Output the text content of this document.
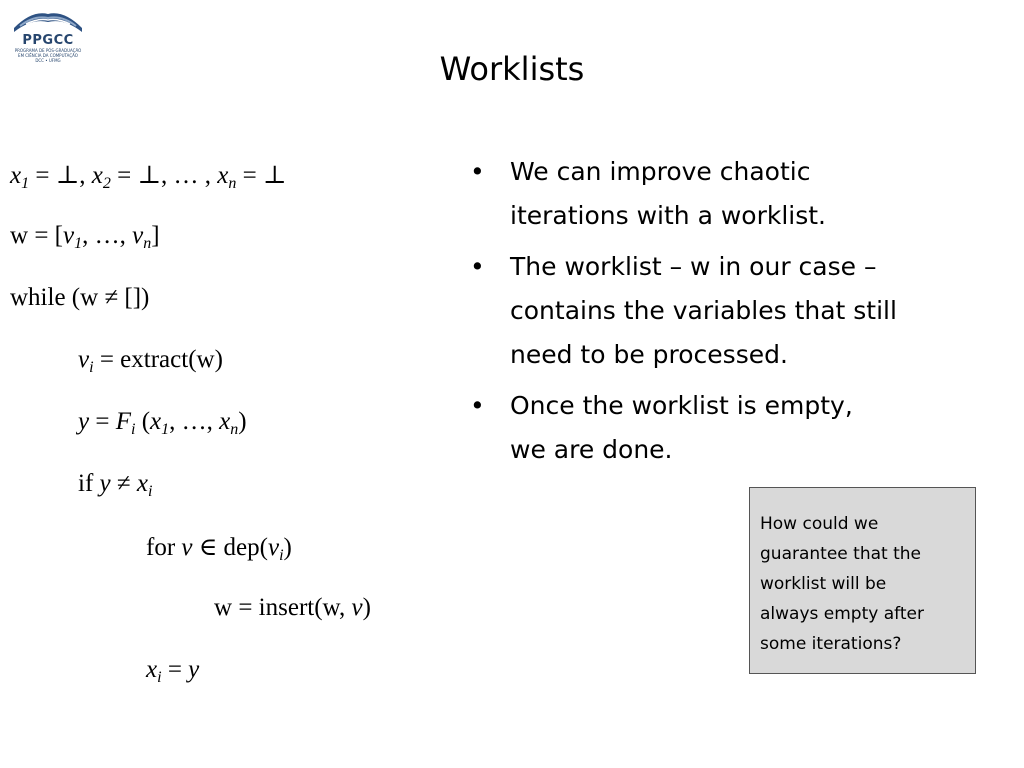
PPGCC
PROGRAMA DE PÓS-GRADUAÇÃO
EM CIÊNCIA DA COMPUTAÇÃO
DCC • UFMG	Worklists
$x_1$ = ⊥, $x_2$ = ⊥, … , $x_n$ = ⊥
$w = [v_1$, …, $v_n$]
while (w ≠ [])
$v_i$ = extract(w)
$y = F_i$ ($x_1$, …, $x_n$)
if $y \ne x_i$
for v ∈ $dep(v_i)$
w = insert(w, v)
$x_i = y$
• We can improve chaotic
iterations with a worklist.
• The worklist – w in our case –
contains the variables that still
need to be processed.
• Once the worklist is empty,
we are done.
How could we
guarantee that the
worklist will be
always empty after
some iterations?
